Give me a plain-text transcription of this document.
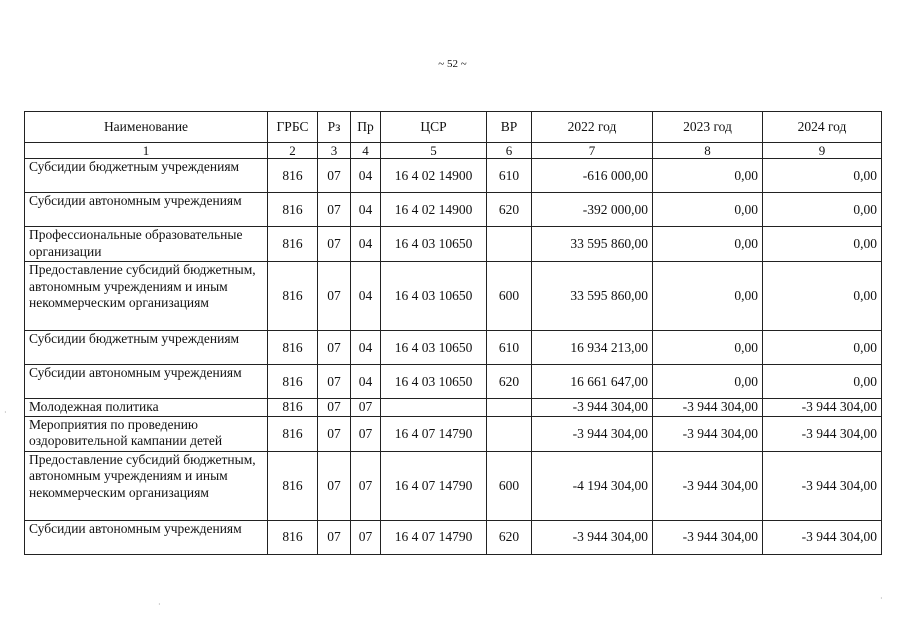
~ 52 ~
Наименование	ГРБС	Рз	Пр	ЦСР	ВР	2022 год	2023 год	2024 год
1	2	3	4	5	6	7	8	9
Субсидии бюджетным учреждениям	816	07	04	16 4 02 14900	610	-616 000,00	0,00	0,00
Субсидии автономным учреждениям	816	07	04	16 4 02 14900	620	-392 000,00	0,00	0,00
Профессиональные образовательные организации	816	07	04	16 4 03 10650		33 595 860,00	0,00	0,00
Предоставление субсидий бюджетным, автономным учреждениям и иным некоммерческим организациям	816	07	04	16 4 03 10650	600	33 595 860,00	0,00	0,00
Субсидии бюджетным учреждениям	816	07	04	16 4 03 10650	610	16 934 213,00	0,00	0,00
Субсидии автономным учреждениям	816	07	04	16 4 03 10650	620	16 661 647,00	0,00	0,00
Молодежная политика	816	07	07			-3 944 304,00	-3 944 304,00	-3 944 304,00
Мероприятия по проведению оздоровительной кампании детей	816	07	07	16 4 07 14790		-3 944 304,00	-3 944 304,00	-3 944 304,00
Предоставление субсидий бюджетным, автономным учреждениям и иным некоммерческим организациям	816	07	07	16 4 07 14790	600	-4 194 304,00	-3 944 304,00	-3 944 304,00
Субсидии автономным учреждениям	816	07	07	16 4 07 14790	620	-3 944 304,00	-3 944 304,00	-3 944 304,00
·
·
·
